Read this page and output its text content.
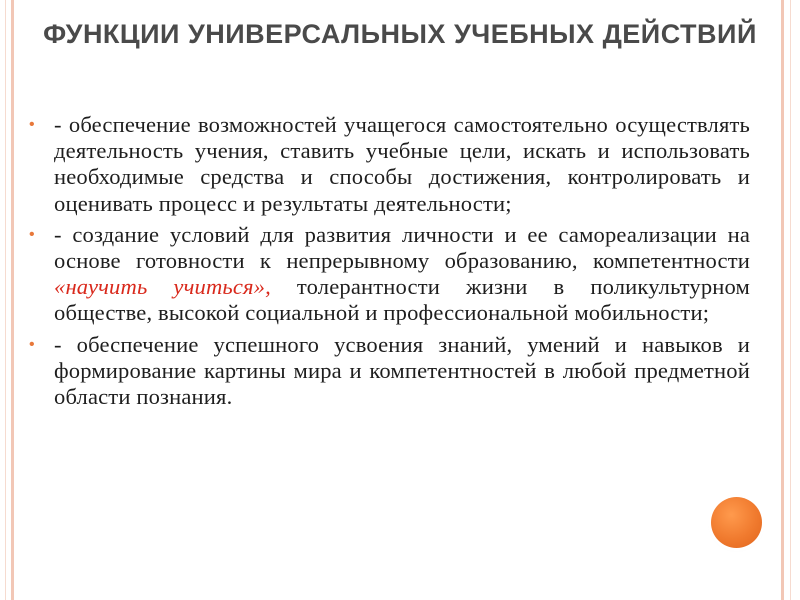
ФУНКЦИИ УНИВЕРСАЛЬНЫХ УЧЕБНЫХ ДЕЙСТВИЙ
• - обеспечение возможностей учащегося самостоятельно осуществлять деятельность учения, ставить учебные цели, искать и использовать необходимые средства и способы достижения, контролировать и оценивать процесс и результаты деятельности;
• - создание условий для развития личности и ее самореализации на основе готовности к непрерывному образованию, компетентности «научить учиться», толерантности жизни в поликультурном обществе, высокой социальной и профессиональной мобильности;
• - обеспечение успешного усвоения знаний, умений и навыков и формирование картины мира и компетентностей в любой предметной области познания.
